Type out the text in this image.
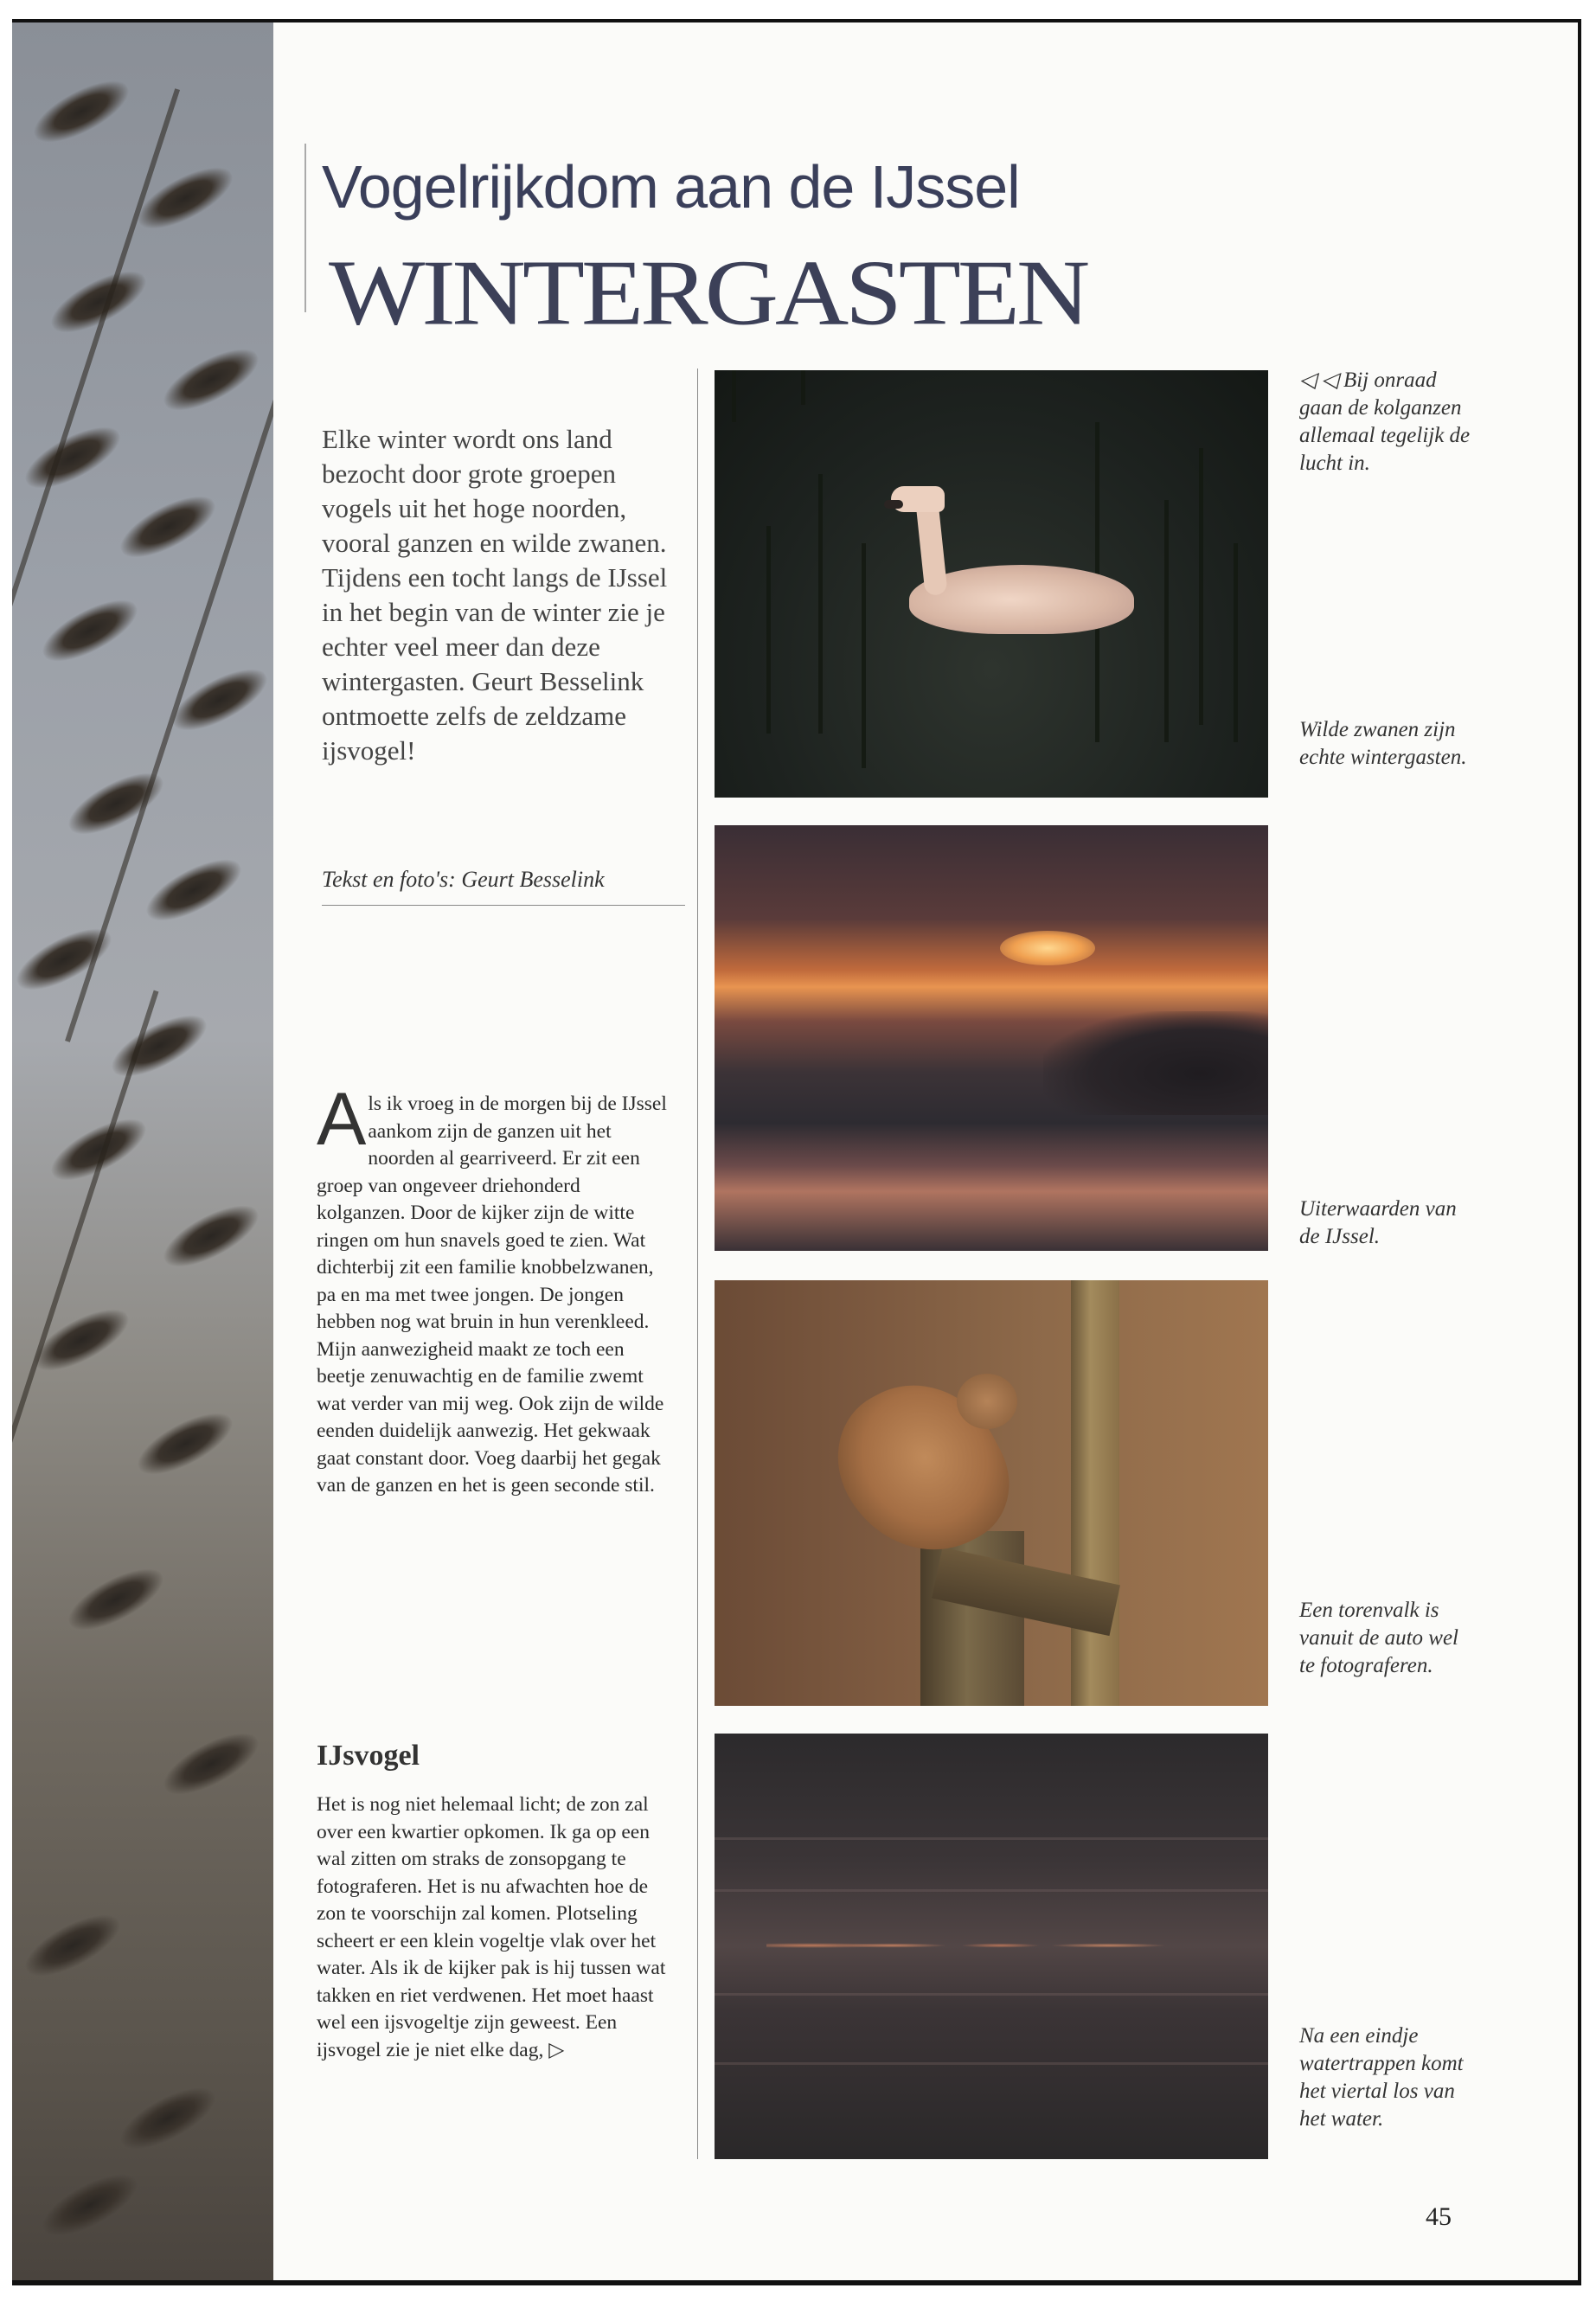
Vogelrijkdom aan de IJssel
WINTERGASTEN
Elke winter wordt ons land bezocht door grote groepen vogels uit het hoge noorden, vooral ganzen en wilde zwanen. Tijdens een tocht langs de IJssel in het begin van de winter zie je echter veel meer dan deze wintergasten. Geurt Besselink ontmoette zelfs de zeldzame ijsvogel!
Tekst en foto's: Geurt Besselink
Als ik vroeg in de morgen bij de IJssel aankom zijn de ganzen uit het noorden al gearriveerd. Er zit een groep van ongeveer driehonderd kolganzen. Door de kijker zijn de witte ringen om hun snavels goed te zien. Wat dichterbij zit een familie knobbelzwanen, pa en ma met twee jongen. De jongen hebben nog wat bruin in hun verenkleed.
Mijn aanwezigheid maakt ze toch een beetje zenuwachtig en de familie zwemt wat verder van mij weg. Ook zijn de wilde eenden duidelijk aanwezig. Het gekwaak gaat constant door. Voeg daarbij het gegak van de ganzen en het is geen seconde stil.
IJsvogel
Het is nog niet helemaal licht; de zon zal over een kwartier opkomen. Ik ga op een wal zitten om straks de zonsopgang te fotograferen. Het is nu afwachten hoe de zon te voorschijn zal komen. Plotseling scheert er een klein vogeltje vlak over het water. Als ik de kijker pak is hij tussen wat takken en riet verdwenen. Het moet haast wel een ijsvogeltje zijn geweest. Een ijsvogel zie je niet elke dag, ▷
◁ ◁ Bij onraad gaan de kolganzen allemaal tegelijk de lucht in.
Wilde zwanen zijn echte wintergasten.
Uiterwaarden van de IJssel.
Een torenvalk is vanuit de auto wel te fotograferen.
Na een eindje watertrappen komt het viertal los van het water.
45
